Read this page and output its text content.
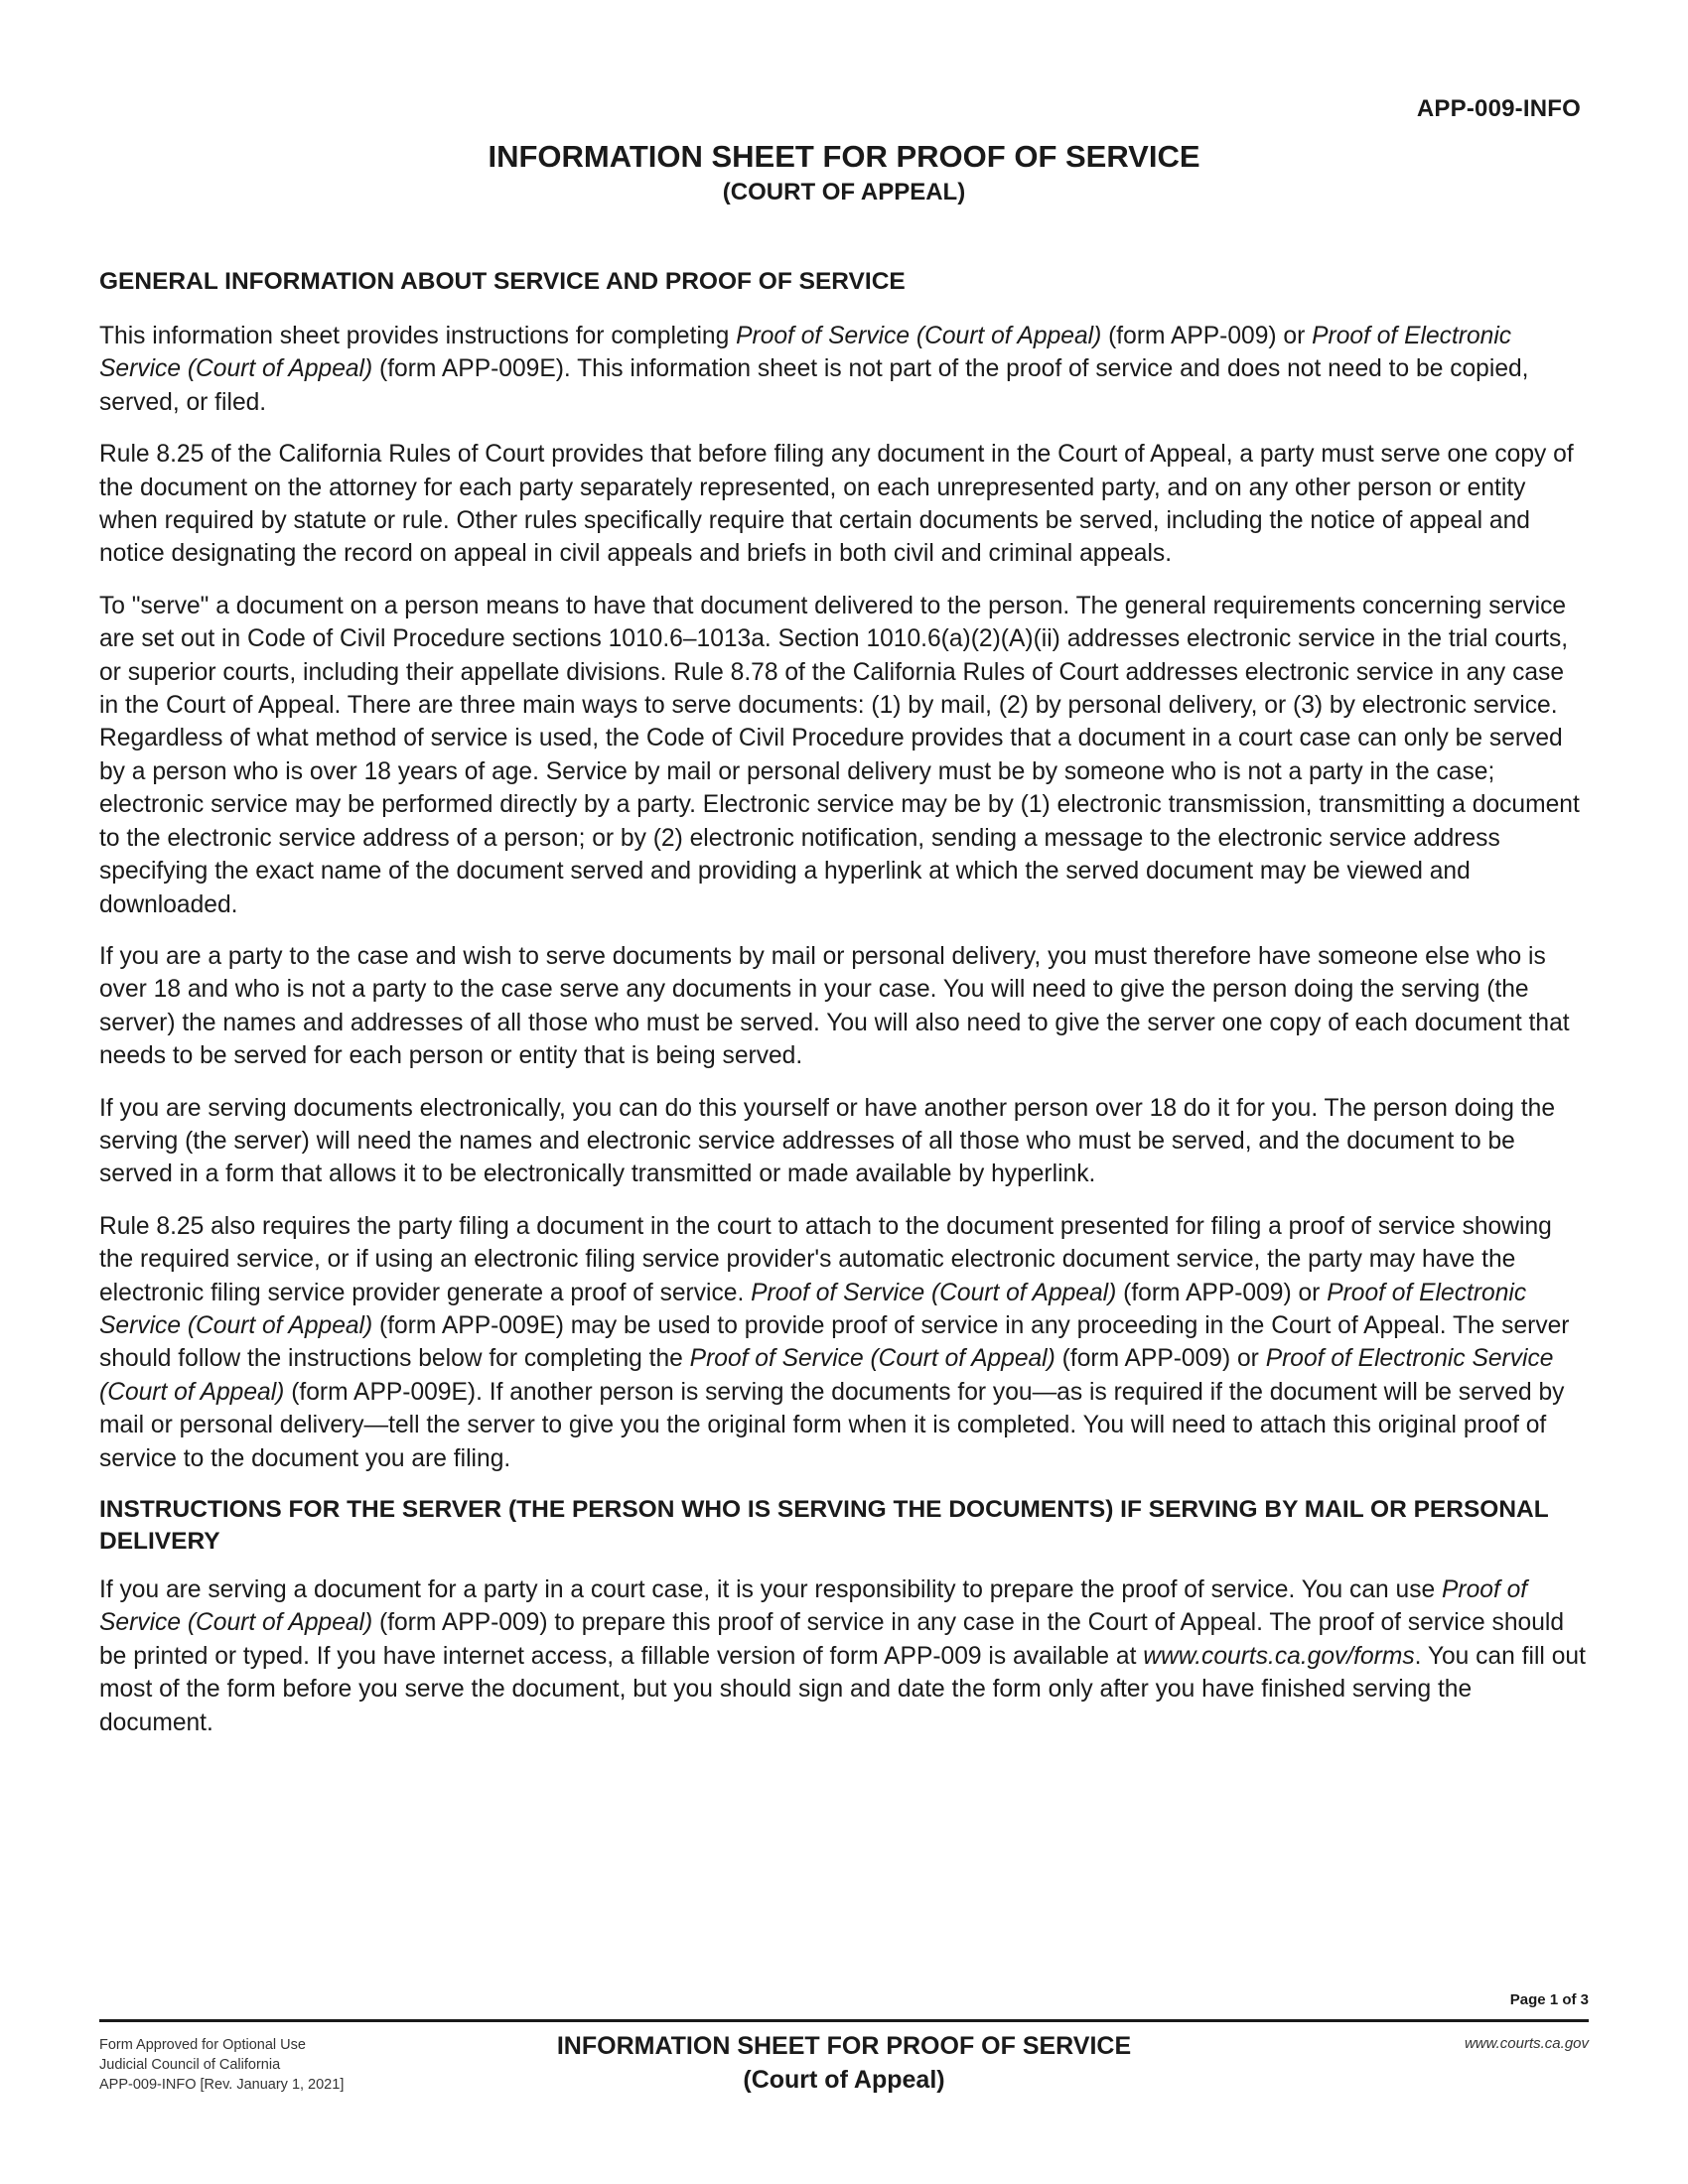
APP-009-INFO
INFORMATION SHEET FOR PROOF OF SERVICE
(COURT OF APPEAL)
GENERAL INFORMATION ABOUT SERVICE AND PROOF OF SERVICE

This information sheet provides instructions for completing Proof of Service (Court of Appeal) (form APP-009) or Proof of Electronic Service (Court of Appeal) (form APP-009E). This information sheet is not part of the proof of service and does not need to be copied, served, or filed.

Rule 8.25 of the California Rules of Court provides that before filing any document in the Court of Appeal, a party must serve one copy of the document on the attorney for each party separately represented, on each unrepresented party, and on any other person or entity when required by statute or rule. Other rules specifically require that certain documents be served, including the notice of appeal and notice designating the record on appeal in civil appeals and briefs in both civil and criminal appeals.

To "serve" a document on a person means to have that document delivered to the person. The general requirements concerning service are set out in Code of Civil Procedure sections 1010.6–1013a. Section 1010.6(a)(2)(A)(ii) addresses electronic service in the trial courts, or superior courts, including their appellate divisions. Rule 8.78 of the California Rules of Court addresses electronic service in any case in the Court of Appeal. There are three main ways to serve documents: (1) by mail, (2) by personal delivery, or (3) by electronic service. Regardless of what method of service is used, the Code of Civil Procedure provides that a document in a court case can only be served by a person who is over 18 years of age. Service by mail or personal delivery must be by someone who is not a party in the case; electronic service may be performed directly by a party. Electronic service may be by (1) electronic transmission, transmitting a document to the electronic service address of a person; or by (2) electronic notification, sending a message to the electronic service address specifying the exact name of the document served and providing a hyperlink at which the served document may be viewed and downloaded.

If you are a party to the case and wish to serve documents by mail or personal delivery, you must therefore have someone else who is over 18 and who is not a party to the case serve any documents in your case. You will need to give the person doing the serving (the server) the names and addresses of all those who must be served. You will also need to give the server one copy of each document that needs to be served for each person or entity that is being served.

If you are serving documents electronically, you can do this yourself or have another person over 18 do it for you. The person doing the serving (the server) will need the names and electronic service addresses of all those who must be served, and the document to be served in a form that allows it to be electronically transmitted or made available by hyperlink.

Rule 8.25 also requires the party filing a document in the court to attach to the document presented for filing a proof of service showing the required service, or if using an electronic filing service provider's automatic electronic document service, the party may have the electronic filing service provider generate a proof of service. Proof of Service (Court of Appeal) (form APP-009) or Proof of Electronic Service (Court of Appeal) (form APP-009E) may be used to provide proof of service in any proceeding in the Court of Appeal. The server should follow the instructions below for completing the Proof of Service (Court of Appeal) (form APP-009) or Proof of Electronic Service (Court of Appeal) (form APP-009E). If another person is serving the documents for you—as is required if the document will be served by mail or personal delivery—tell the server to give you the original form when it is completed. You will need to attach this original proof of service to the document you are filing.

INSTRUCTIONS FOR THE SERVER (THE PERSON WHO IS SERVING THE DOCUMENTS) IF SERVING BY MAIL OR PERSONAL DELIVERY

If you are serving a document for a party in a court case, it is your responsibility to prepare the proof of service. You can use Proof of Service (Court of Appeal) (form APP-009) to prepare this proof of service in any case in the Court of Appeal. The proof of service should be printed or typed. If you have internet access, a fillable version of form APP-009 is available at www.courts.ca.gov/forms. You can fill out most of the form before you serve the document, but you should sign and date the form only after you have finished serving the document.

Page 1 of 3
Form Approved for Optional Use
Judicial Council of California
APP-009-INFO [Rev. January 1, 2021]
INFORMATION SHEET FOR PROOF OF SERVICE
(Court of Appeal)
www.courts.ca.gov
